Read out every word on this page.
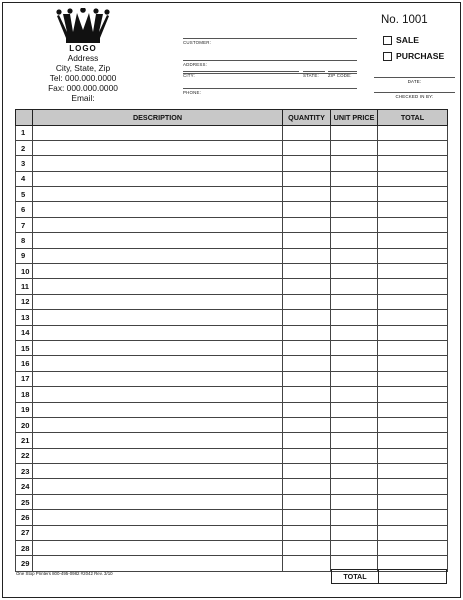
LOGO
Address
City, State, Zip
Tel: 000.000.0000
Fax: 000.000.0000
Email:
CUSTOMER:
ADDRESS:
CITY:	STATE: ZIP CODE:
PHONE:
No. 1001
SALE
PURCHASE
DATE:
CHECKED IN BY:
	DESCRIPTION	QUANTITY	UNIT PRICE	TOTAL
1				
2				
3				
4				
5				
6				
7				
8				
9				
10				
11				
12				
13				
14				
15				
16				
17				
18				
19				
20				
21				
22				
23				
24				
25				
26				
27				
28				
29				
One Stop Printers 800-495-0982 #2042 Rev. 3/10	TOTAL
